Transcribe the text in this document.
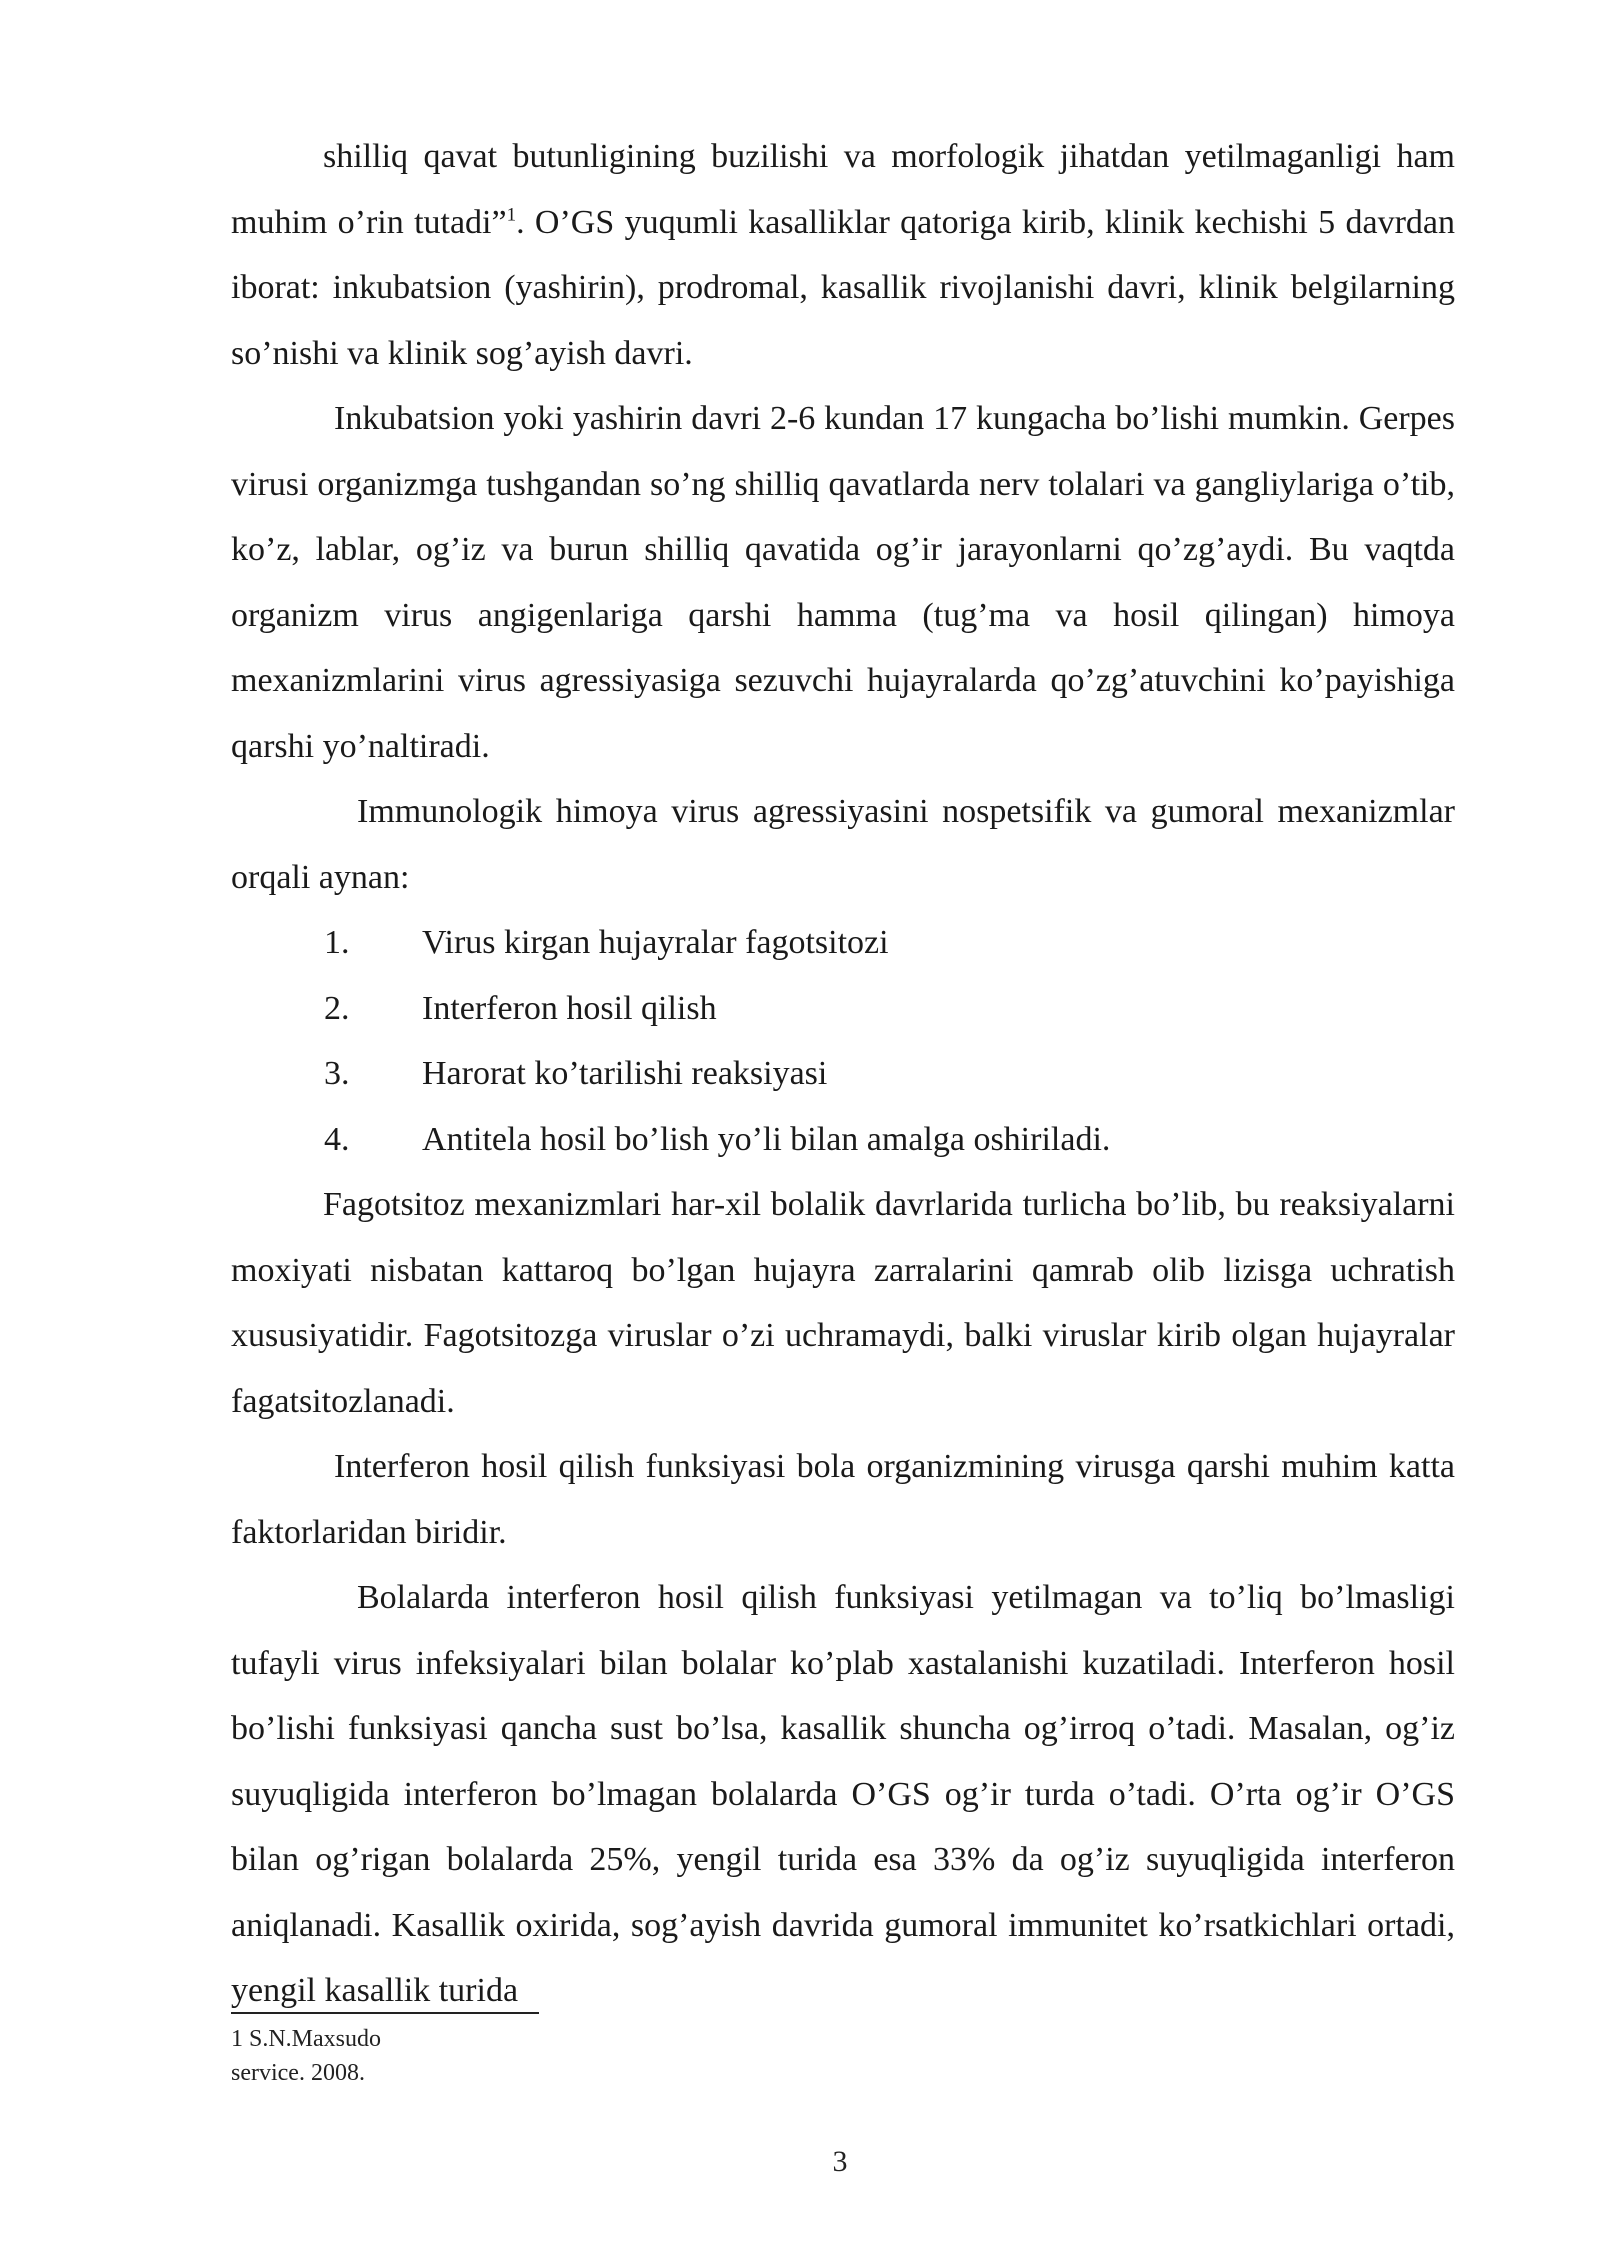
shilliq qavat butunligining buzilishi va morfologik jihatdan yetilmaganligi ham muhim o’rin tutadi”$^1$. O’GS yuqumli kasalliklar qatoriga kirib, klinik kechishi 5 davrdan iborat: inkubatsion (yashirin), prodromal, kasallik rivojlanishi davri, klinik belgilarning so’nishi va klinik sog’ayish davri.

Inkubatsion yoki yashirin davri 2-6 kundan 17 kungacha bo’lishi mumkin. Gerpes virusi organizmga tushgandan so’ng shilliq qavatlarda nerv tolalari va gangliylariga o’tib, ko’z, lablar, og’iz va burun shilliq qavatida og’ir jarayonlarni qo’zg’aydi. Bu vaqtda organizm virus angigenlariga qarshi hamma (tug’ma va hosil qilingan) himoya mexanizmlarini virus agressiyasiga sezuvchi hujayralarda qo’zg’atuvchini ko’payishiga qarshi yo’naltiradi.

Immunologik himoya virus agressiyasini nospetsifik va gumoral mexanizmlar orqali aynan:

1.	Virus kirgan hujayralar fagotsitozi
2.	Interferon hosil qilish
3.	Harorat ko’tarilishi reaksiyasi
4.	Antitela hosil bo’lish yo’li bilan amalga oshiriladi.

Fagotsitoz mexanizmlari har-xil bolalik davrlarida turlicha bo’lib, bu reaksiyalarni moxiyati nisbatan kattaroq bo’lgan hujayra zarralarini qamrab olib lizisga uchratish xususiyatidir. Fagotsitozga viruslar o’zi uchramaydi, balki viruslar kirib olgan hujayralar fagatsitozlanadi.

Interferon hosil qilish funksiyasi bola organizmining virusga qarshi muhim katta faktorlaridan biridir.

Bolalarda interferon hosil qilish funksiyasi yetilmagan va to’liq bo’lmasligi tufayli virus infeksiyalari bilan bolalar ko’plab xastalanishi kuzatiladi. Interferon hosil bo’lishi funksiyasi qancha sust bo’lsa, kasallik shuncha og’irroq o’tadi. Masalan, og’iz suyuqligida interferon bo’lmagan bolalarda O’GS og’ir turda o’tadi. O’rta og’ir O’GS bilan og’rigan bolalarda 25%, yengil turida esa 33% da og’iz suyuqligida interferon aniqlanadi. Kasallik oxirida, sog’ayish davrida gumoral immunitet ko’rsatkichlari ortadi, yengil kasallik turida

1 S.N.Maxsudo
service. 2008.
3
